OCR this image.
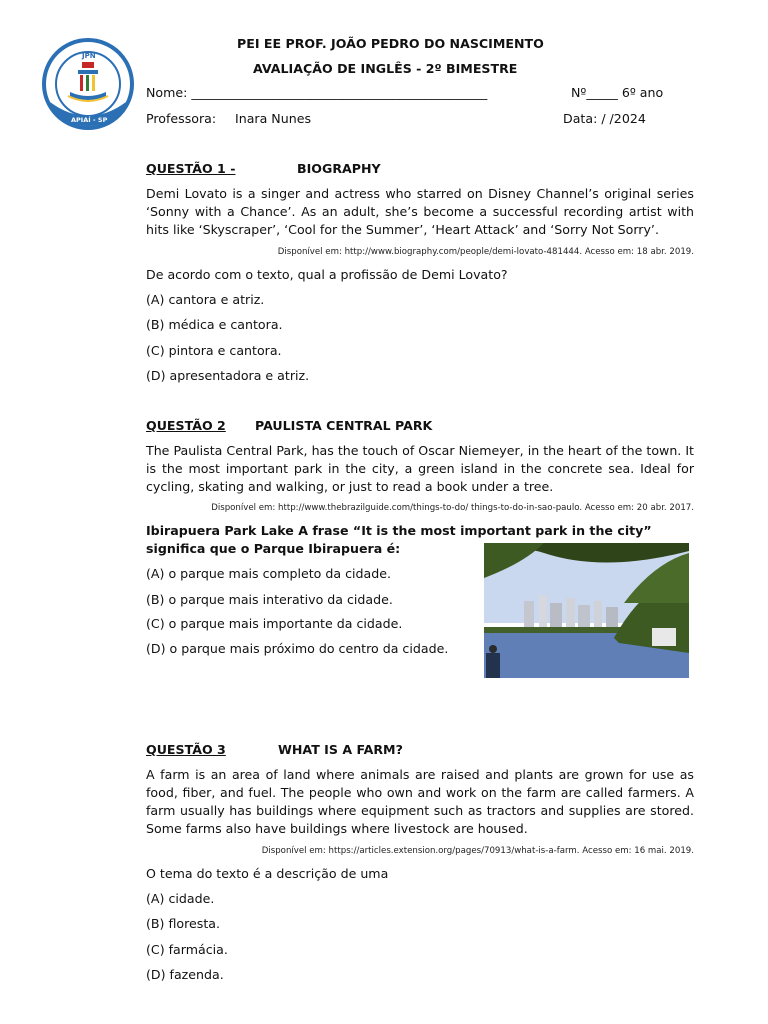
JPN
APIAÍ - SP
PEI EE PROF. JOÃO PEDRO DO NASCIMENTO
AVALIAÇÃO DE INGLÊS - 2º BIMESTRE
Nome: _______________________________________________	Nº_____ 6º ano
Professora: Inara Nunes	Data: / /2024
QUESTÃO 1 -	BIOGRAPHY
Demi Lovato is a singer and actress who starred on Disney Channel’s original series ‘Sonny with a Chance’. As an adult, she’s become a successful recording artist with hits like ‘Skyscraper’, ‘Cool for the Summer’, ‘Heart Attack’ and ‘Sorry Not Sorry’.
Disponível em: http://www.biography.com/people/demi-lovato-481444. Acesso em: 18 abr. 2019.
De acordo com o texto, qual a profissão de Demi Lovato?
(A) cantora e atriz.
(B) médica e cantora.
(C) pintora e cantora.
(D) apresentadora e atriz.
QUESTÃO 2 PAULISTA CENTRAL PARK
The Paulista Central Park, has the touch of Oscar Niemeyer, in the heart of the town. It is the most important park in the city, a green island in the concrete sea. Ideal for cycling, skating and walking, or just to read a book under a tree.
Disponível em: http://www.thebrazilguide.com/things-to-do/ things-to-do-in-sao-paulo. Acesso em: 20 abr. 2017.
Ibirapuera Park Lake A frase “It is the most important park in the city” significa que o Parque Ibirapuera é:
(A) o parque mais completo da cidade.
(B) o parque mais interativo da cidade.
(C) o parque mais importante da cidade.
(D) o parque mais próximo do centro da cidade.
QUESTÃO 3	WHAT IS A FARM?
A farm is an area of land where animals are raised and plants are grown for use as food, fiber, and fuel. The people who own and work on the farm are called farmers. A farm usually has buildings where equipment such as tractors and supplies are stored. Some farms also have buildings where livestock are housed.
Disponível em: https://articles.extension.org/pages/70913/what-is-a-farm. Acesso em: 16 mai. 2019.
O tema do texto é a descrição de uma
(A) cidade.
(B) floresta.
(C) farmácia.
(D) fazenda.
